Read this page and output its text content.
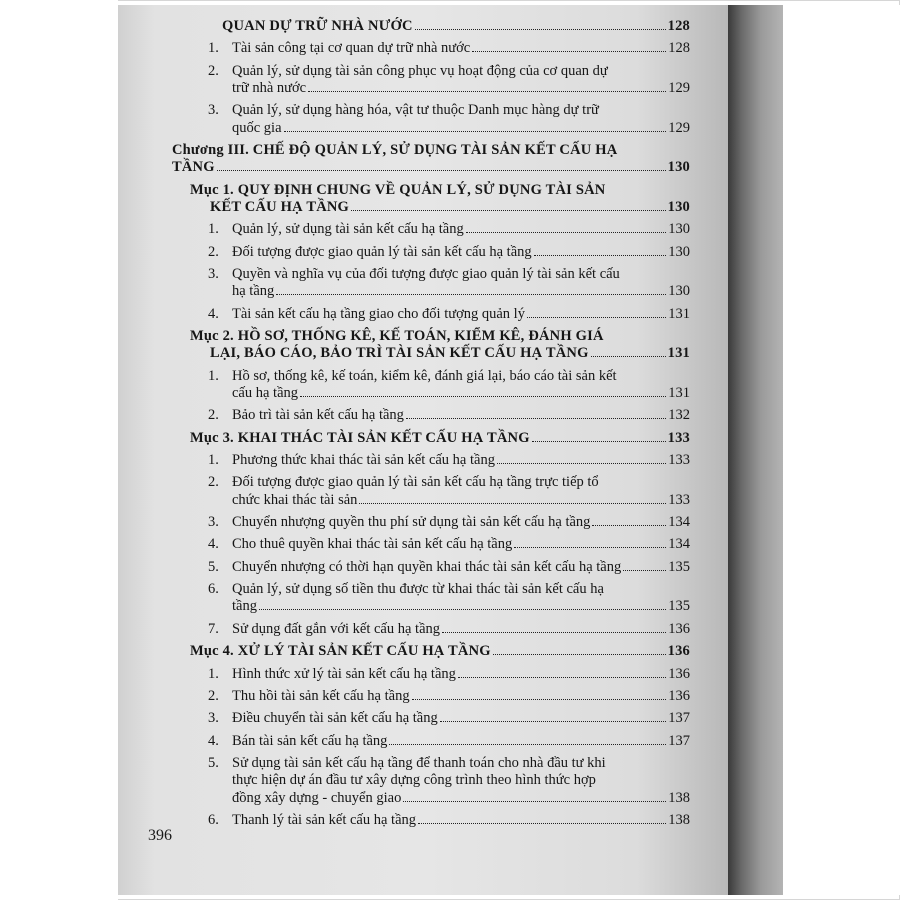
QUAN DỰ TRỮ NHÀ NƯỚC	128
1. Tài sản công tại cơ quan dự trữ nhà nước	128
2. Quản lý, sử dụng tài sản công phục vụ hoạt động của cơ quan dự
trữ nhà nước	129
3. Quản lý, sử dụng hàng hóa, vật tư thuộc Danh mục hàng dự trữ
quốc gia	129
Chương III. CHẾ ĐỘ QUẢN LÝ, SỬ DỤNG TÀI SẢN KẾT CẤU HẠ
TẦNG	130
Mục 1. QUY ĐỊNH CHUNG VỀ QUẢN LÝ, SỬ DỤNG TÀI SẢN
KẾT CẤU HẠ TẦNG	130
1. Quản lý, sử dụng tài sản kết cấu hạ tầng	130
2. Đối tượng được giao quản lý tài sản kết cấu hạ tầng	130
3. Quyền và nghĩa vụ của đối tượng được giao quản lý tài sản kết cấu
hạ tầng	130
4. Tài sản kết cấu hạ tầng giao cho đối tượng quản lý	131
Mục 2. HỒ SƠ, THỐNG KÊ, KẾ TOÁN, KIỂM KÊ, ĐÁNH GIÁ
LẠI, BÁO CÁO, BẢO TRÌ TÀI SẢN KẾT CẤU HẠ TẦNG	131
1. Hồ sơ, thống kê, kế toán, kiểm kê, đánh giá lại, báo cáo tài sản kết
cấu hạ tầng	131
2. Bảo trì tài sản kết cấu hạ tầng	132
Mục 3. KHAI THÁC TÀI SẢN KẾT CẤU HẠ TẦNG	133
1. Phương thức khai thác tài sản kết cấu hạ tầng	133
2. Đối tượng được giao quản lý tài sản kết cấu hạ tầng trực tiếp tổ
chức khai thác tài sản	133
3. Chuyển nhượng quyền thu phí sử dụng tài sản kết cấu hạ tầng	134
4. Cho thuê quyền khai thác tài sản kết cấu hạ tầng	134
5. Chuyển nhượng có thời hạn quyền khai thác tài sản kết cấu hạ tầng	135
6. Quản lý, sử dụng số tiền thu được từ khai thác tài sản kết cấu hạ
tầng	135
7. Sử dụng đất gắn với kết cấu hạ tầng	136
Mục 4. XỬ LÝ TÀI SẢN KẾT CẤU HẠ TẦNG	136
1. Hình thức xử lý tài sản kết cấu hạ tầng	136
2. Thu hồi tài sản kết cấu hạ tầng	136
3. Điều chuyển tài sản kết cấu hạ tầng	137
4. Bán tài sản kết cấu hạ tầng	137
5. Sử dụng tài sản kết cấu hạ tầng để thanh toán cho nhà đầu tư khi
thực hiện dự án đầu tư xây dựng công trình theo hình thức hợp
đồng xây dựng - chuyển giao	138
6. Thanh lý tài sản kết cấu hạ tầng	138
396
